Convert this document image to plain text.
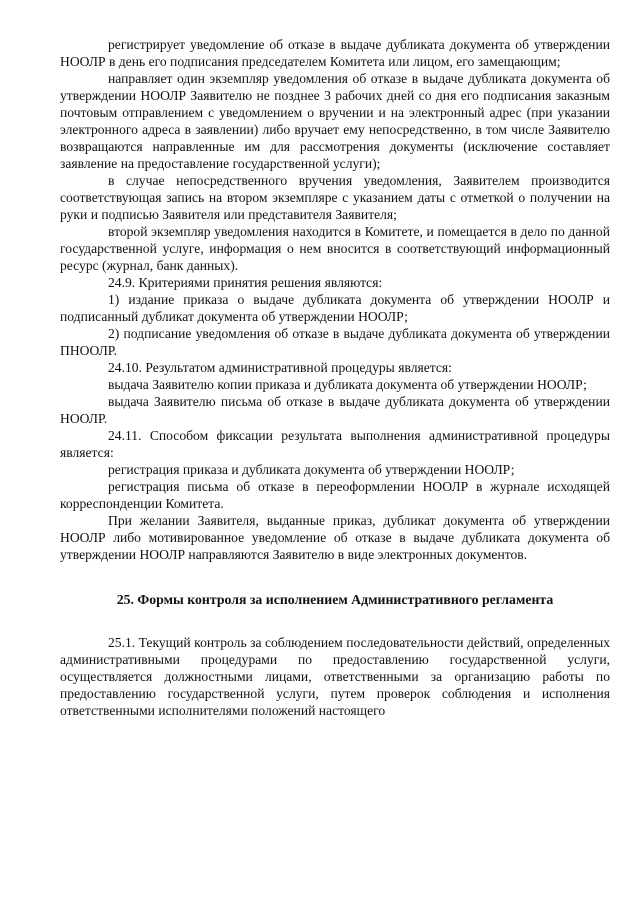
регистрирует уведомление об отказе в выдаче дубликата документа об утверждении НООЛР в день его подписания председателем Комитета или лицом, его замещающим;

направляет один экземпляр уведомления об отказе в выдаче дубликата документа об утверждении НООЛР Заявителю не позднее 3 рабочих дней со дня его подписания заказным почтовым отправлением с уведомлением о вручении и на электронный адрес (при указании электронного адреса в заявлении) либо вручает ему непосредственно, в том числе Заявителю возвращаются направленные им для рассмотрения документы (исключение составляет заявление на предоставление государственной услуги);

в случае непосредственного вручения уведомления, Заявителем производится соответствующая запись на втором экземпляре с указанием даты с отметкой о получении на руки и подписью Заявителя или представителя Заявителя;

второй экземпляр уведомления находится в Комитете, и помещается в дело по данной государственной услуге, информация о нем вносится в соответствующий информационный ресурс (журнал, банк данных).

24.9. Критериями принятия решения являются:

1) издание приказа о выдаче дубликата документа об утверждении НООЛР и подписанный дубликат документа об утверждении НООЛР;

2) подписание уведомления об отказе в выдаче дубликата документа об утверждении ПНООЛР.

24.10. Результатом административной процедуры является:

выдача Заявителю копии приказа и дубликата документа об утверждении НООЛР;

выдача Заявителю письма об отказе в выдаче дубликата документа об утверждении НООЛР.

24.11. Способом фиксации результата выполнения административной процедуры является:

регистрация приказа и дубликата документа об утверждении НООЛР;

регистрация письма об отказе в переоформлении НООЛР в журнале исходящей корреспонденции Комитета.

При желании Заявителя, выданные приказ, дубликат документа об утверждении НООЛР либо мотивированное уведомление об отказе в выдаче дубликата документа об утверждении НООЛР направляются Заявителю в виде электронных документов.

25. Формы контроля за исполнением Административного регламента

25.1. Текущий контроль за соблюдением последовательности действий, определенных административными процедурами по предоставлению государственной услуги, осуществляется должностными лицами, ответственными за организацию работы по предоставлению государственной услуги, путем проверок соблюдения и исполнения ответственными исполнителями положений настоящего
